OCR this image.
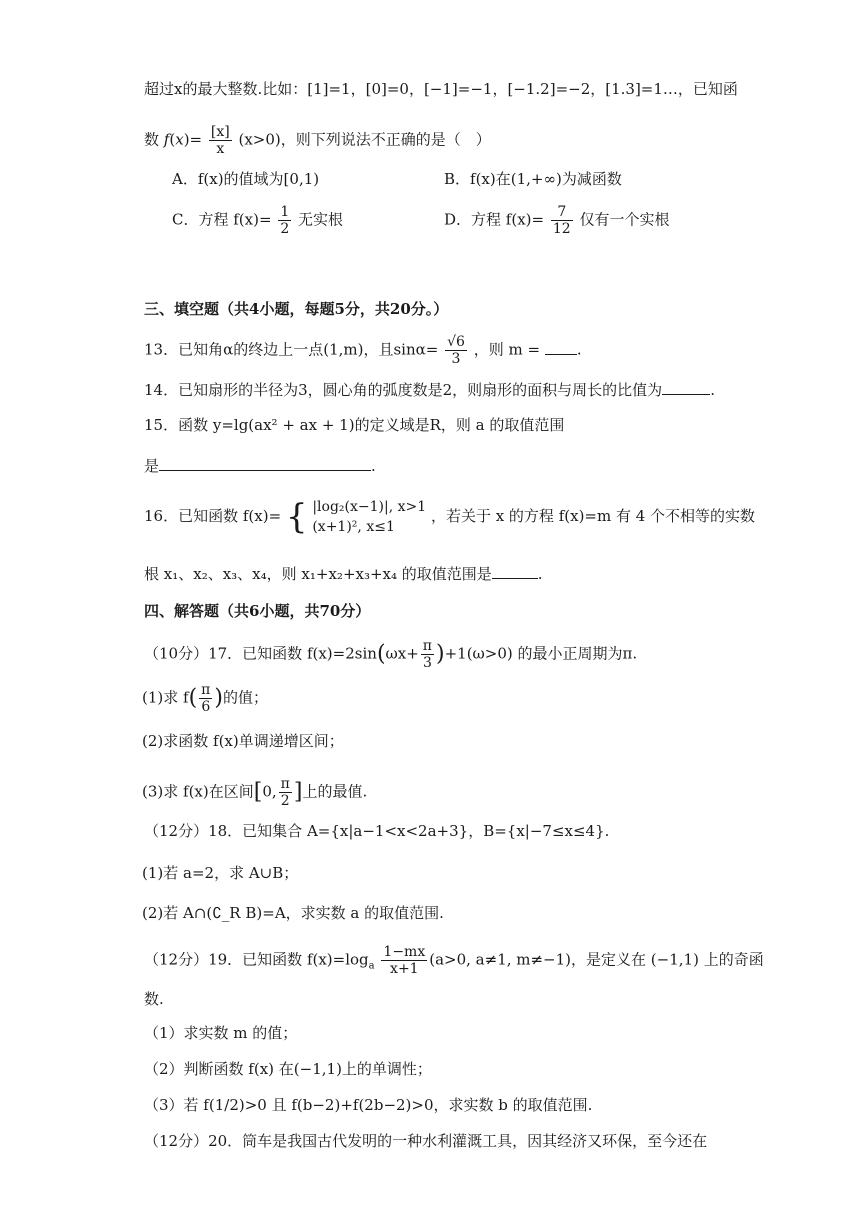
超过x的最大整数.比如：[1]=1，[0]=0，[−1]=−1，[−1.2]=−2，[1.3]=1…，已知函
数 $f(x)= \frac{[x]}{x} (x>0)$，则下列说法不正确的是（　）
A．f(x)的值域为[0,1)	B．f(x)在(1,+∞)为减函数
C．方程 $f(x)= \frac{1}{2}$ 无实根	D．方程 $f(x)= \frac{7}{12}$ 仅有一个实根
三、填空题（共4小题，每题5分，共20分。）
13．已知角α的终边上一点(1,m)，且$\sin\alpha= \frac{√6}{3}$ ，则 m = .
14．已知扇形的半径为3，圆心角的弧度数是2，则扇形的面积与周长的比值为	.
15．函数 y=lg(ax² + ax + 1)的定义域是R，则 a 的取值范围
是	.
16．已知函数 f(x)= { |log₂(x−1)|, x>1
(x+1)², x≤1
，若关于 x 的方程 f(x)=m 有 4 个不相等的实数
根 x₁、x₂、x₃、x₄，则 x₁+x₂+x₃+x₄ 的取值范围是	.
四、解答题（共6小题，共70分）
（10分）17．已知函数 $f(x)=2\sin(\omega x+ \frac{\pi}{3} )+1(\omega>0)$ 的最小正周期为π.
(1)求 $f( \frac{\pi}{6}$ )的值；
(2)求函数 f(x)单调递增区间；
(3)求 f(x)在区间[0, $\frac{\pi}{2}$ ]上的最值.
（12分）18．已知集合 A={x|a−1<x<2a+3}，B={x|−7≤x≤4}.
(1)若 a=2，求 A∪B；
(2)若 A∩(∁_R B)=A，求实数 a 的取值范围.
（12分）19．已知函数 $f(x)=\log_a \frac{1-mx}{x+1} (a>0$, a≠1, m≠−1)，是定义在 (−1,1) 上的奇函
数.
（1）求实数 m 的值；
（2）判断函数 f(x) 在(−1,1)上的单调性；
（3）若 f(1/2)>0 且 f(b−2)+f(2b−2)>0，求实数 b 的取值范围.
（12分）20．筒车是我国古代发明的一种水利灌溉工具，因其经济又环保，至今还在
